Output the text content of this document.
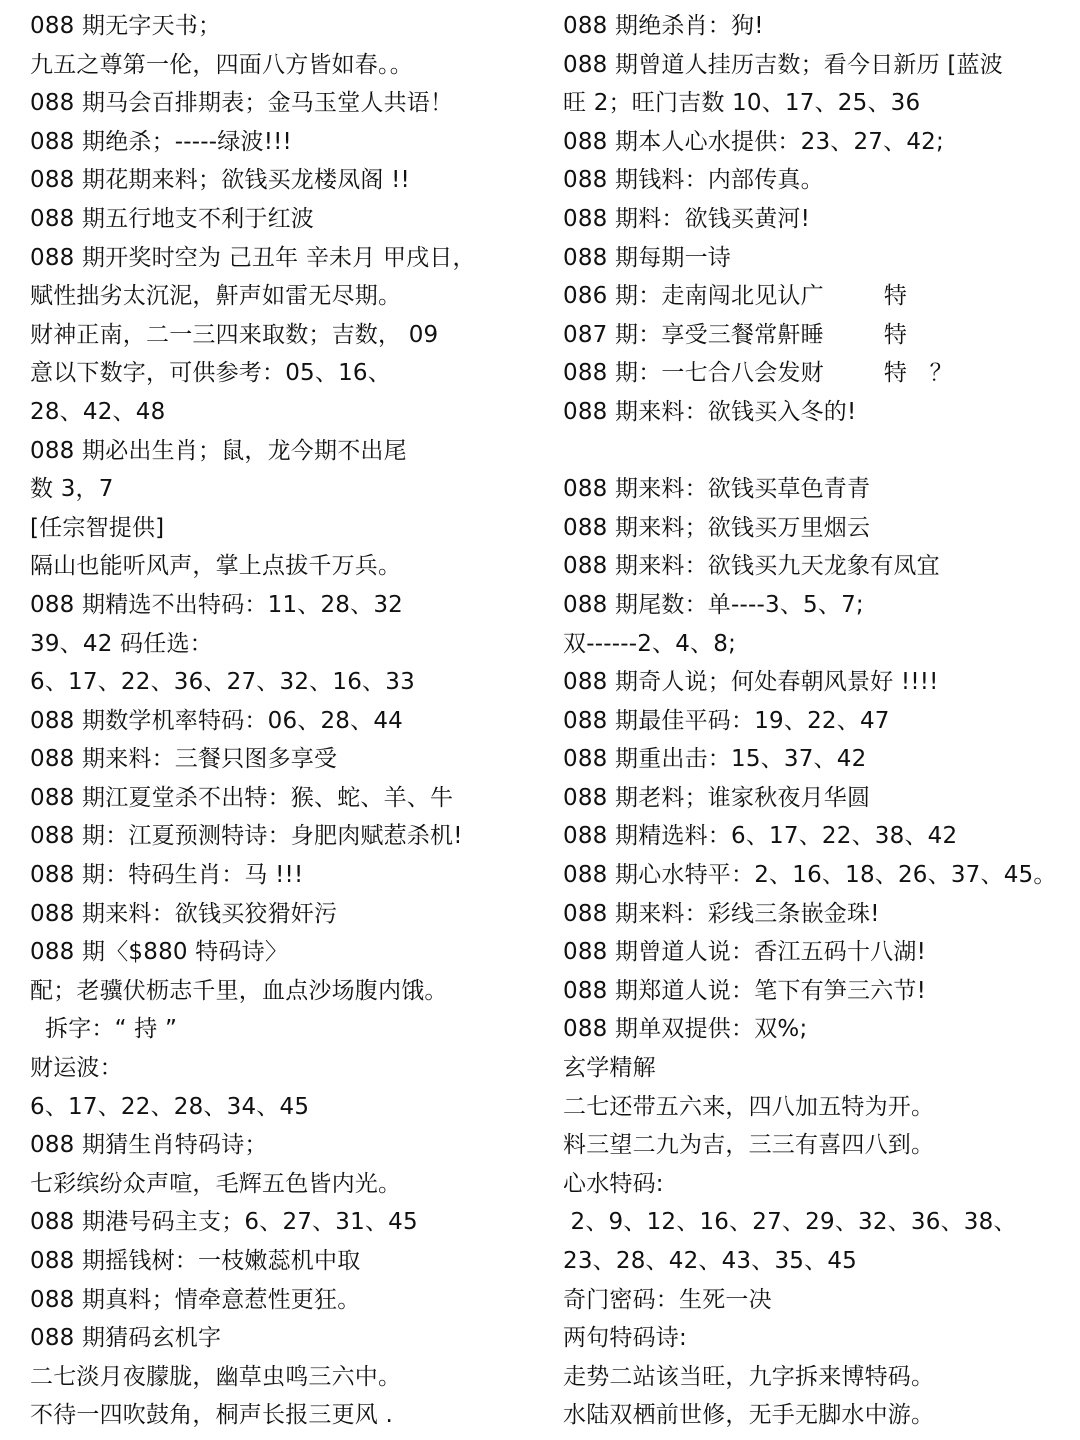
088 期无字天书；
九五之尊第一伦，四面八方皆如春。。
088 期马会百排期表；金马玉堂人共语！
088 期绝杀；-----绿波!!!
088 期花期来料；欲钱买龙楼凤阁 !!
088 期五行地支不利于红波
088 期开奖时空为 己丑年 辛未月 甲戌日，
赋性拙劣太沉泥，鼾声如雷无尽期。
财神正南，二一三四来取数；吉数， 09
意以下数字，可供参考：05、16、
28、42、48
088 期必出生肖；鼠，龙今期不出尾
数 3，7
[任宗智提供]
隔山也能听风声，掌上点拔千万兵。
088 期精选不出特码：11、28、32
39、42 码任选：
6、17、22、36、27、32、16、33
088 期数学机率特码：06、28、44
088 期来料：三餐只图多享受
088 期江夏堂杀不出特：猴、蛇、羊、牛
088 期：江夏预测特诗：身肥肉赋惹杀机!
088 期：特码生肖：马 !!!
088 期来料：欲钱买狡猾奸污
088 期〈$880 特码诗〉
配；老骥伏枥志千里，血点沙场腹内饿。
拆字：“ 持 ”
财运波：
6、17、22、28、34、45
088 期猜生肖特码诗；
七彩缤纷众声喧，毛辉五色皆内光。
088 期港号码主支；6、27、31、45
088 期摇钱树：一枝嫩蕊机中取
088 期真料；情牵意惹性更狂。
088 期猜码玄机字
二七淡月夜朦胧，幽草虫鸣三六中。
不待一四吹鼓角，桐声长报三更风 .
088 期绝杀肖：狗!
088 期曾道人挂历吉数；看今日新历 [蓝波
旺 2；旺门吉数 10、17、25、36
088 期本人心水提供：23、27、42;
088 期钱料：内部传真。
088 期料：欲钱买黄河!
088 期每期一诗
086 期：走南闯北见认广        特
087 期：享受三餐常鼾睡        特
088 期：一七合八会发财        特   ？
088 期来料：欲钱买入冬的!
088 期来料：欲钱买草色青青
088 期来料；欲钱买万里烟云
088 期来料：欲钱买九天龙象有凤宜
088 期尾数：单----3、5、7;
双------2、4、8;
088 期奇人说；何处春朝风景好 !!!!
088 期最佳平码：19、22、47
088 期重出击：15、37、42
088 期老料；谁家秋夜月华圆
088 期精选料：6、17、22、38、42
088 期心水特平：2、16、18、26、37、45。
088 期来料：彩线三条嵌金珠!
088 期曾道人说：香江五码十八湖!
088 期郑道人说：笔下有笋三六节!
088 期单双提供：双%;
玄学精解
二七还带五六来，四八加五特为开。
料三望二九为吉，三三有喜四八到。
心水特码:
2、9、12、16、27、29、32、36、38、
23、28、42、43、35、45
奇门密码：生死一决
两句特码诗:
走势二站该当旺，九字拆来博特码。
水陆双栖前世修，无手无脚水中游。
